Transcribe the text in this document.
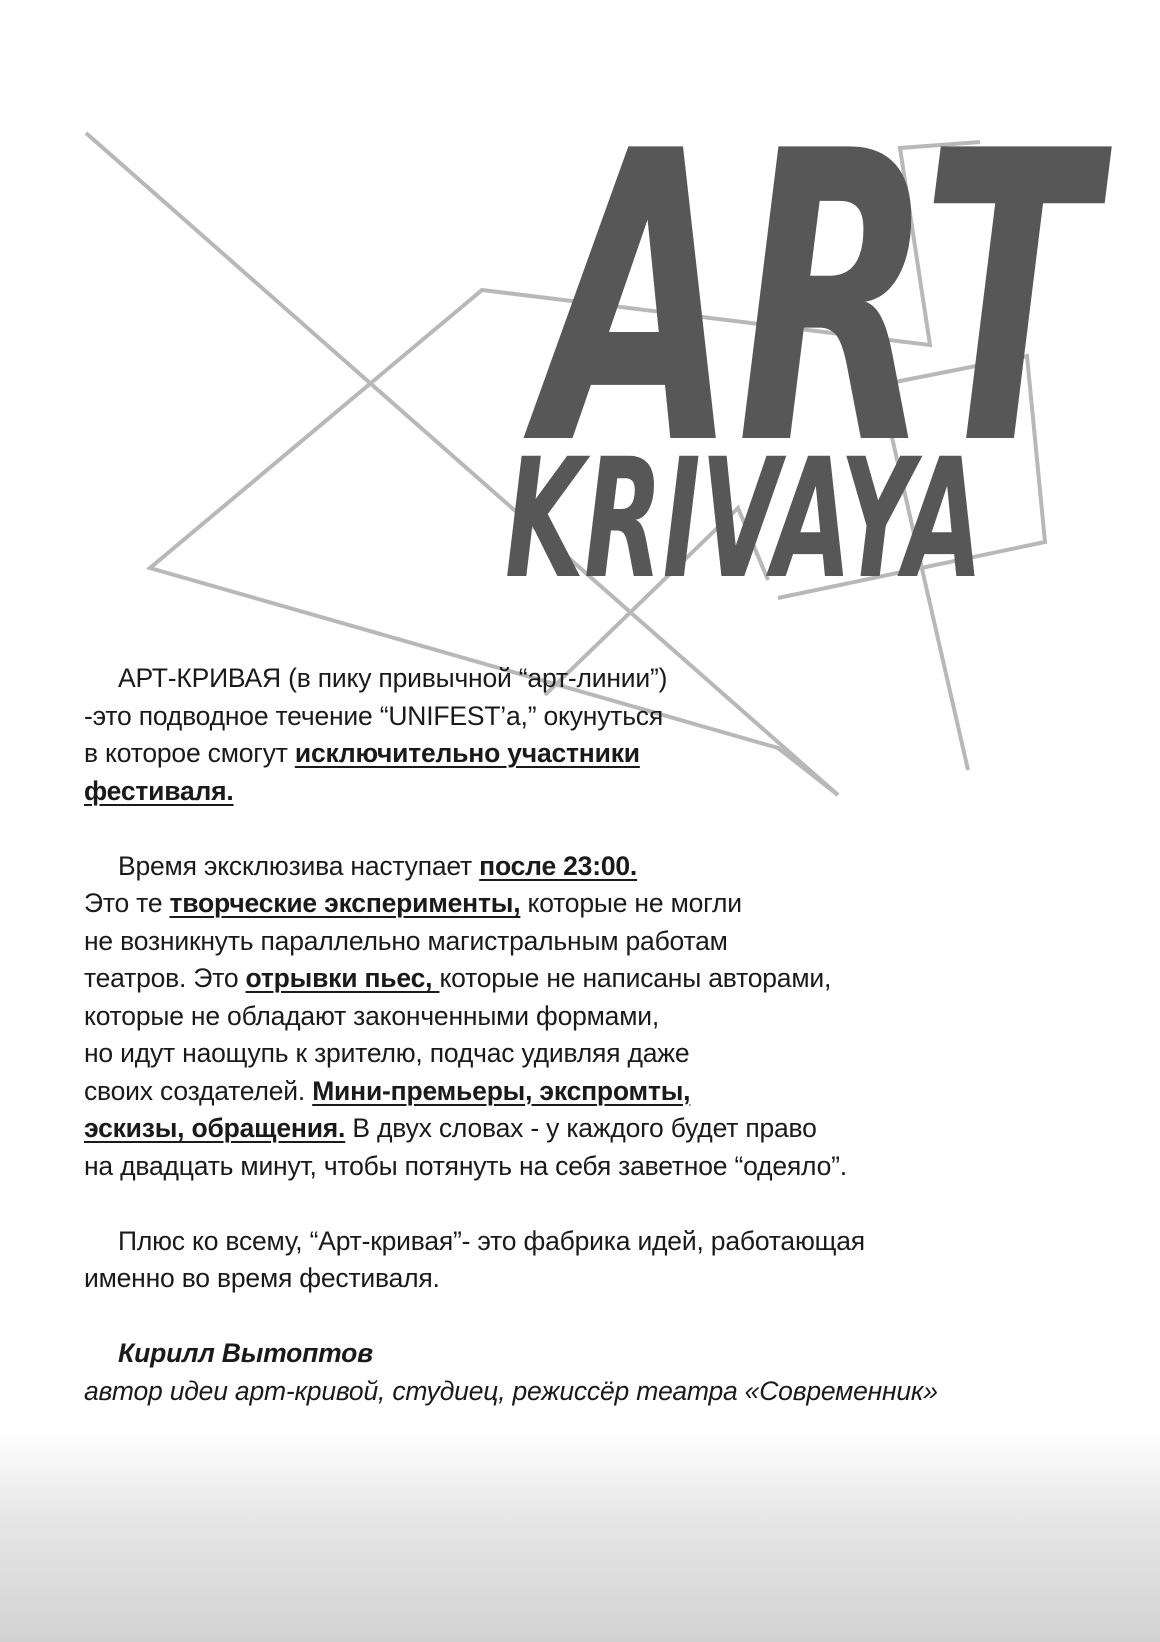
ART
KRIVAYA

АРТ-КРИВАЯ (в пику привычной “арт-линии”)
-это подводное течение “UNIFEST’а,” окунуться
в которое смогут исключительно участники
фестиваля.

Время эксклюзива наступает после 23:00.
Это те творческие эксперименты, которые не могли
не возникнуть параллельно магистральным работам
театров. Это отрывки пьес, которые не написаны авторами,
которые не обладают законченными формами,
но идут наощупь к зрителю, подчас удивляя даже
своих создателей. Мини-премьеры, экспромты,
эскизы, обращения. В двух словах - у каждого будет право
на двадцать минут, чтобы потянуть на себя заветное “одеяло”.

Плюс ко всему, “Арт-кривая”- это фабрика идей, работающая
именно во время фестиваля.

Кирилл Вытоптов
автор идеи арт-кривой, студиец, режиссёр театра «Современник»
